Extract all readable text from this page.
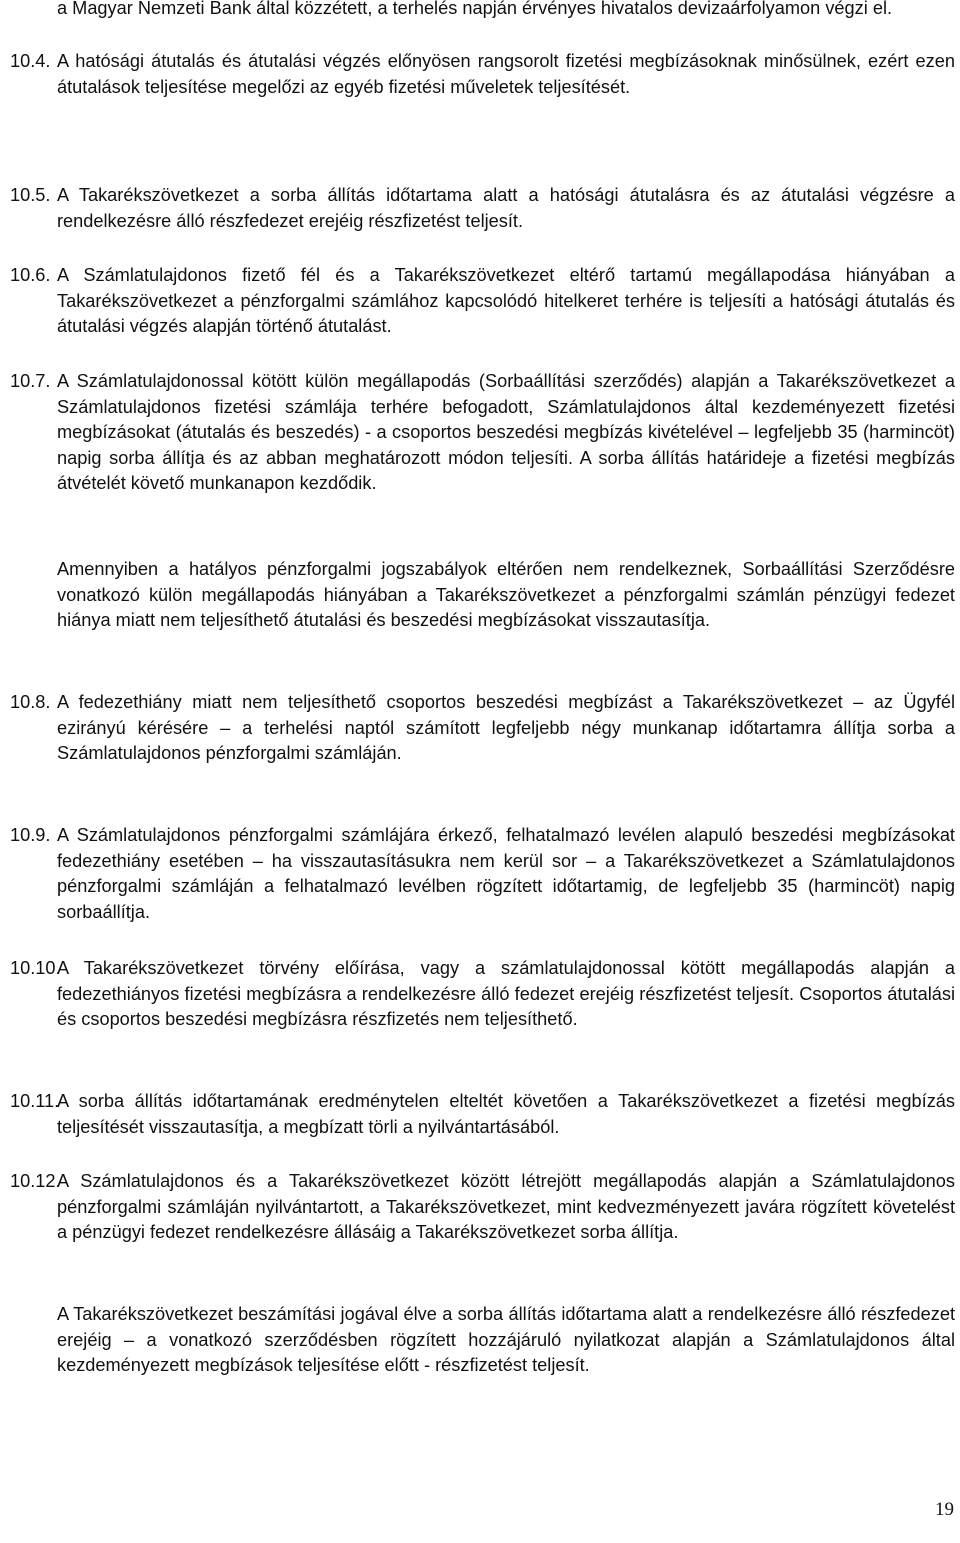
a Magyar Nemzeti Bank által közzétett, a terhelés napján érvényes hivatalos devizaárfolyamon végzi el.
10.4. A hatósági átutalás és átutalási végzés előnyösen rangsorolt fizetési megbízásoknak minősülnek, ezért ezen átutalások teljesítése megelőzi az egyéb fizetési műveletek teljesítését.
10.5. A Takarékszövetkezet a sorba állítás időtartama alatt a hatósági átutalásra és az átutalási végzésre a rendelkezésre álló részfedezet erejéig részfizetést teljesít.
10.6. A Számlatulajdonos fizető fél és a Takarékszövetkezet eltérő tartamú megállapodása hiányában a Takarékszövetkezet a pénzforgalmi számlához kapcsolódó hitelkeret terhére is teljesíti a hatósági átutalás és átutalási végzés alapján történő átutalást.
10.7. A Számlatulajdonossal kötött külön megállapodás (Sorbaállítási szerződés) alapján a Takarékszövetkezet a Számlatulajdonos fizetési számlája terhére befogadott, Számlatulajdonos által kezdeményezett fizetési megbízásokat (átutalás és beszedés) - a csoportos beszedési megbízás kivételével – legfeljebb 35 (harmincöt) napig sorba állítja és az abban meghatározott módon teljesíti. A sorba állítás határideje a fizetési megbízás átvételét követő munkanapon kezdődik.
Amennyiben a hatályos pénzforgalmi jogszabályok eltérően nem rendelkeznek, Sorbaállítási Szerződésre vonatkozó külön megállapodás hiányában a Takarékszövetkezet a pénzforgalmi számlán pénzügyi fedezet hiánya miatt nem teljesíthető átutalási és beszedési megbízásokat visszautasítja.
10.8. A fedezethiány miatt nem teljesíthető csoportos beszedési megbízást a Takarékszövetkezet – az Ügyfél ezirányú kérésére – a terhelési naptól számított legfeljebb négy munkanap időtartamra állítja sorba a Számlatulajdonos pénzforgalmi számláján.
10.9. A Számlatulajdonos pénzforgalmi számlájára érkező, felhatalmazó levélen alapuló beszedési megbízásokat fedezethiány esetében – ha visszautasításukra nem kerül sor – a Takarékszövetkezet a Számlatulajdonos pénzforgalmi számláján a felhatalmazó levélben rögzített időtartamig, de legfeljebb 35 (harmincöt) napig sorbaállítja.
10.10.
A Takarékszövetkezet törvény előírása, vagy a számlatulajdonossal kötött megállapodás alapján a fedezethiányos fizetési megbízásra a rendelkezésre álló fedezet erejéig részfizetést teljesít. Csoportos átutalási és csoportos beszedési megbízásra részfizetés nem teljesíthető.
10.11.
A sorba állítás időtartamának eredménytelen elteltét követően a Takarékszövetkezet a fizetési megbízás teljesítését visszautasítja, a megbízatt törli a nyilvántartásából.
10.12.
A Számlatulajdonos és a Takarékszövetkezet között létrejött megállapodás alapján a Számlatulajdonos pénzforgalmi számláján nyilvántartott, a Takarékszövetkezet, mint kedvezményezett javára rögzített követelést a pénzügyi fedezet rendelkezésre állásáig a Takarékszövetkezet sorba állítja.
A Takarékszövetkezet beszámítási jogával élve a sorba állítás időtartama alatt a rendelkezésre álló részfedezet erejéig – a vonatkozó szerződésben rögzített hozzájáruló nyilatkozat alapján a Számlatulajdonos által kezdeményezett megbízások teljesítése előtt - részfizetést teljesít.
19
